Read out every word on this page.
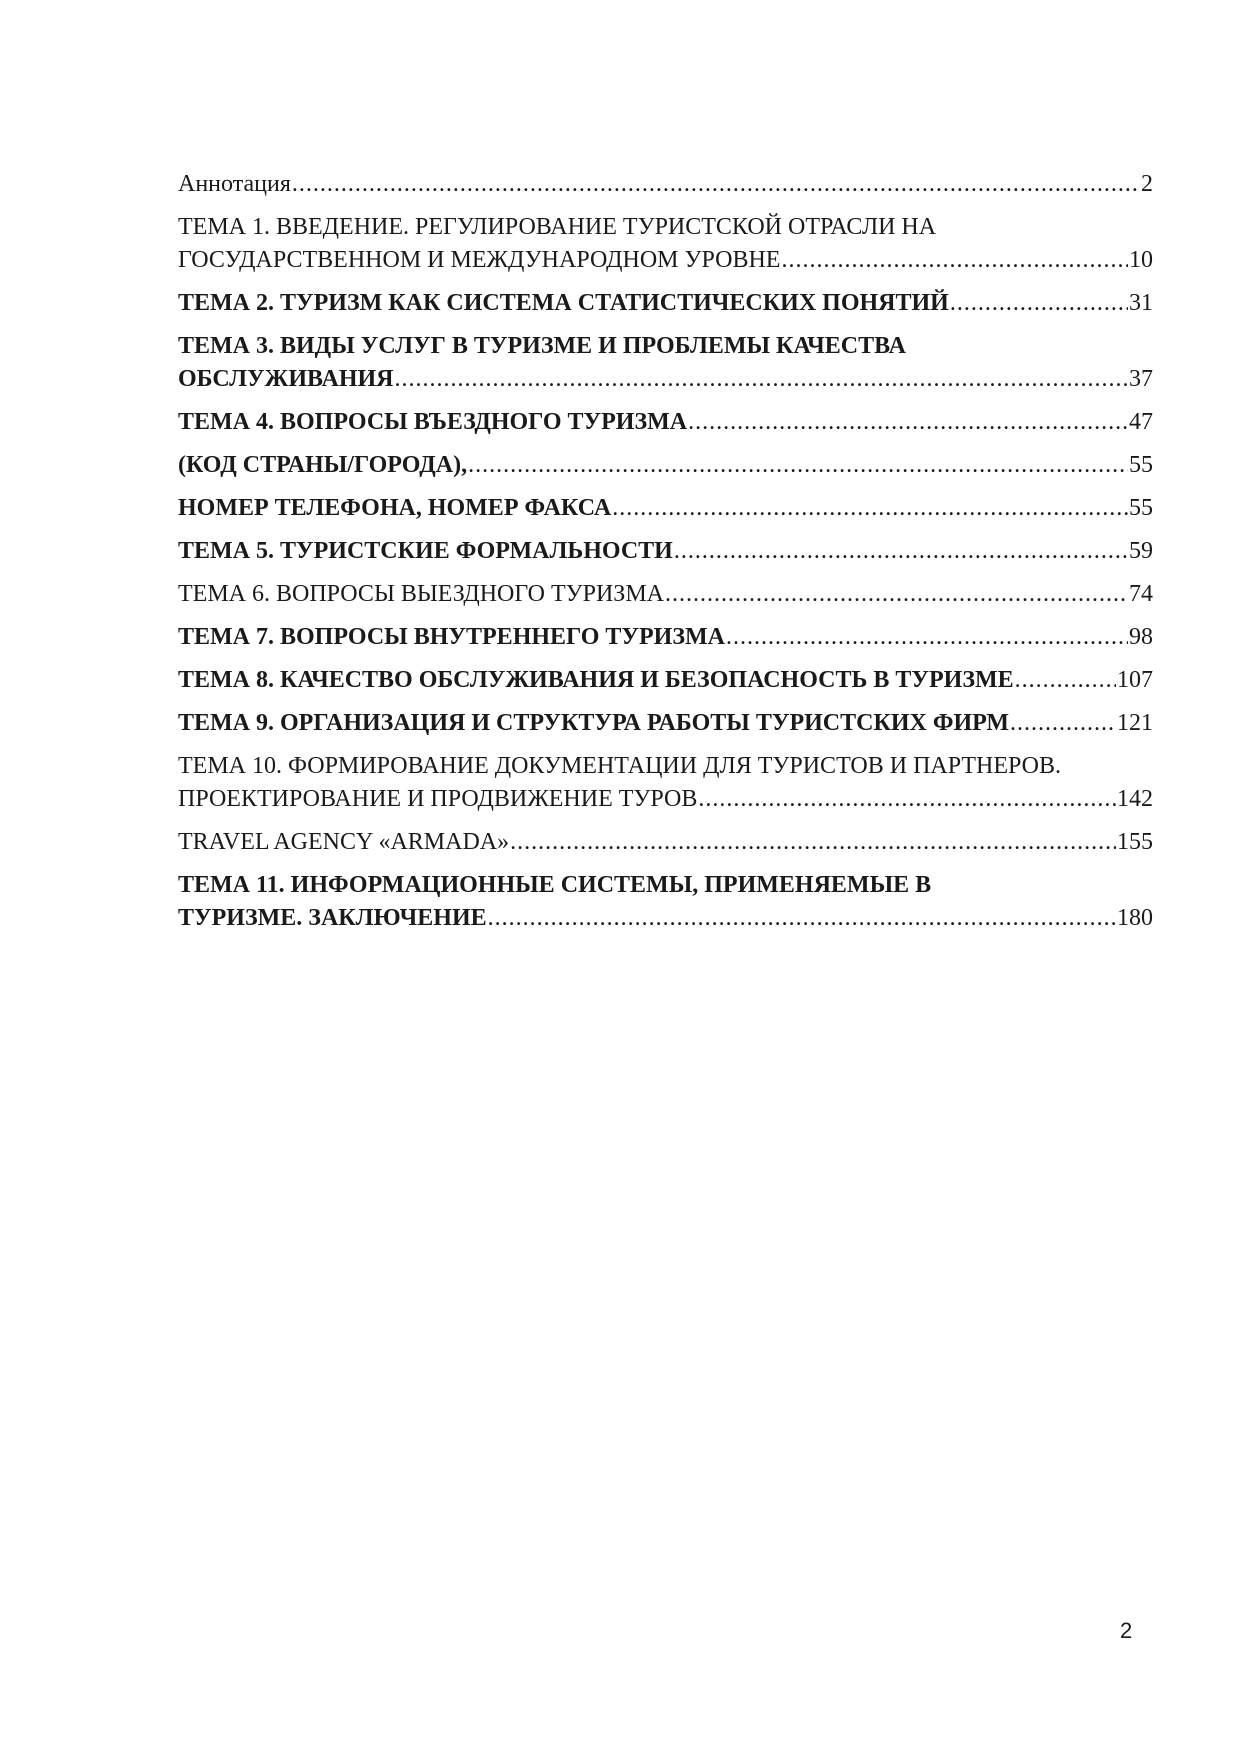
Аннотация .....	2
ТЕМА 1. ВВЕДЕНИЕ. РЕГУЛИРОВАНИЕ ТУРИСТСКОЙ ОТРАСЛИ НА
ГОСУДАРСТВЕННОМ И МЕЖДУНАРОДНОМ УРОВНЕ .....	10
ТЕМА 2. ТУРИЗМ КАК СИСТЕМА СТАТИСТИЧЕСКИХ ПОНЯТИЙ .....	31
ТЕМА 3. ВИДЫ УСЛУГ В ТУРИЗМЕ И ПРОБЛЕМЫ КАЧЕСТВА
ОБСЛУЖИВАНИЯ .....	37
ТЕМА 4. ВОПРОСЫ ВЪЕЗДНОГО ТУРИЗМА .....	47
(КОД СТРАНЫ/ГОРОДА), .....	55
НОМЕР ТЕЛЕФОНА, НОМЕР ФАКСА .....	55
ТЕМА 5. ТУРИСТСКИЕ ФОРМАЛЬНОСТИ .....	59
ТЕМА 6. ВОПРОСЫ ВЫЕЗДНОГО ТУРИЗМА .....	74
ТЕМА 7. ВОПРОСЫ ВНУТРЕННЕГО ТУРИЗМА .....	98
ТЕМА 8. КАЧЕСТВО ОБСЛУЖИВАНИЯ И БЕЗОПАСНОСТЬ В ТУРИЗМЕ .....	107
ТЕМА 9. ОРГАНИЗАЦИЯ И СТРУКТУРА РАБОТЫ ТУРИСТСКИХ ФИРМ .....	121
ТЕМА 10. ФОРМИРОВАНИЕ ДОКУМЕНТАЦИИ ДЛЯ ТУРИСТОВ И ПАРТНЕРОВ.
ПРОЕКТИРОВАНИЕ И ПРОДВИЖЕНИЕ ТУРОВ .....	142
TRAVEL AGENCY «ARMADA» .....	155
ТЕМА 11. ИНФОРМАЦИОННЫЕ СИСТЕМЫ, ПРИМЕНЯЕМЫЕ В
ТУРИЗМЕ. ЗАКЛЮЧЕНИЕ .....	180
2
